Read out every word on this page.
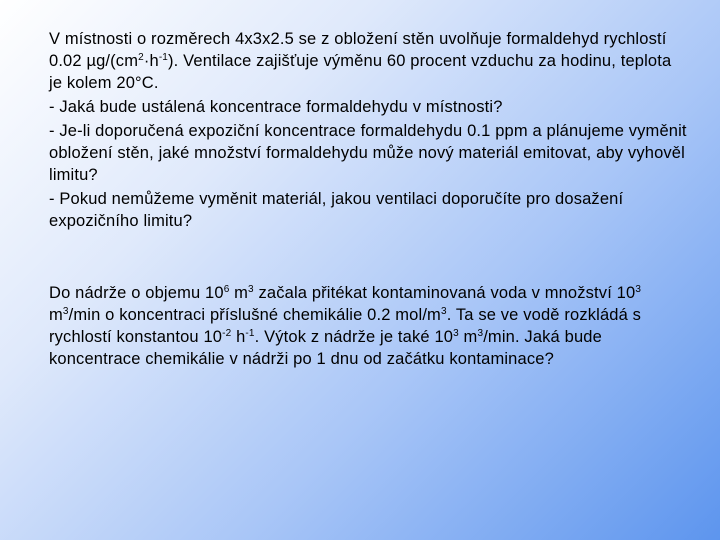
V místnosti o rozměrech 4x3x2.5 se z obložení stěn uvolňuje formaldehyd rychlostí 0.02 $\mu g/(cm^2\cdot h^{-1})$. Ventilace zajišťuje výměnu 60 procent vzduchu za hodinu, teplota je kolem 20°C.

- Jaká bude ustálená koncentrace formaldehydu v místnosti?

- Je-li doporučená expoziční koncentrace formaldehydu 0.1 ppm a plánujeme vyměnit obložení stěn, jaké množství formaldehydu může nový materiál emitovat, aby vyhověl limitu?

- Pokud nemůžeme vyměnit materiál, jakou ventilaci doporučíte pro dosažení expozičního limitu?

Do nádrže o objemu $10^6$ $m^3$ začala přitékat kontaminovaná voda v množství $10^3$ $m^3/\min$ o koncentraci příslušné chemikálie 0.2 mol/$m^3$. Ta se ve vodě rozkládá s rychlostí konstantou $10^{-2}$ $h^{-1}$. Výtok z nádrže je také $10^3$ $m^3/\min$. Jaká bude koncentrace chemikálie v nádrži po 1 dnu od začátku kontaminace?
